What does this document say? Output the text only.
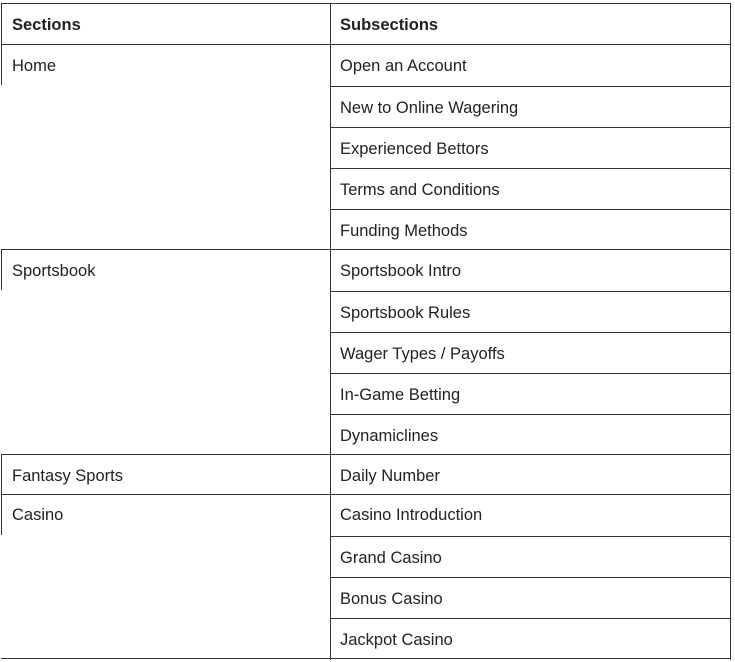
Sections	Subsections
Home	Open an Account
New to Online Wagering
Experienced Bettors
Terms and Conditions
Funding Methods
Sportsbook	Sportsbook Intro
Sportsbook Rules
Wager Types / Payoffs
In-Game Betting
Dynamiclines
Fantasy Sports	Daily Number
Casino	Casino Introduction
Grand Casino
Bonus Casino
Jackpot Casino
